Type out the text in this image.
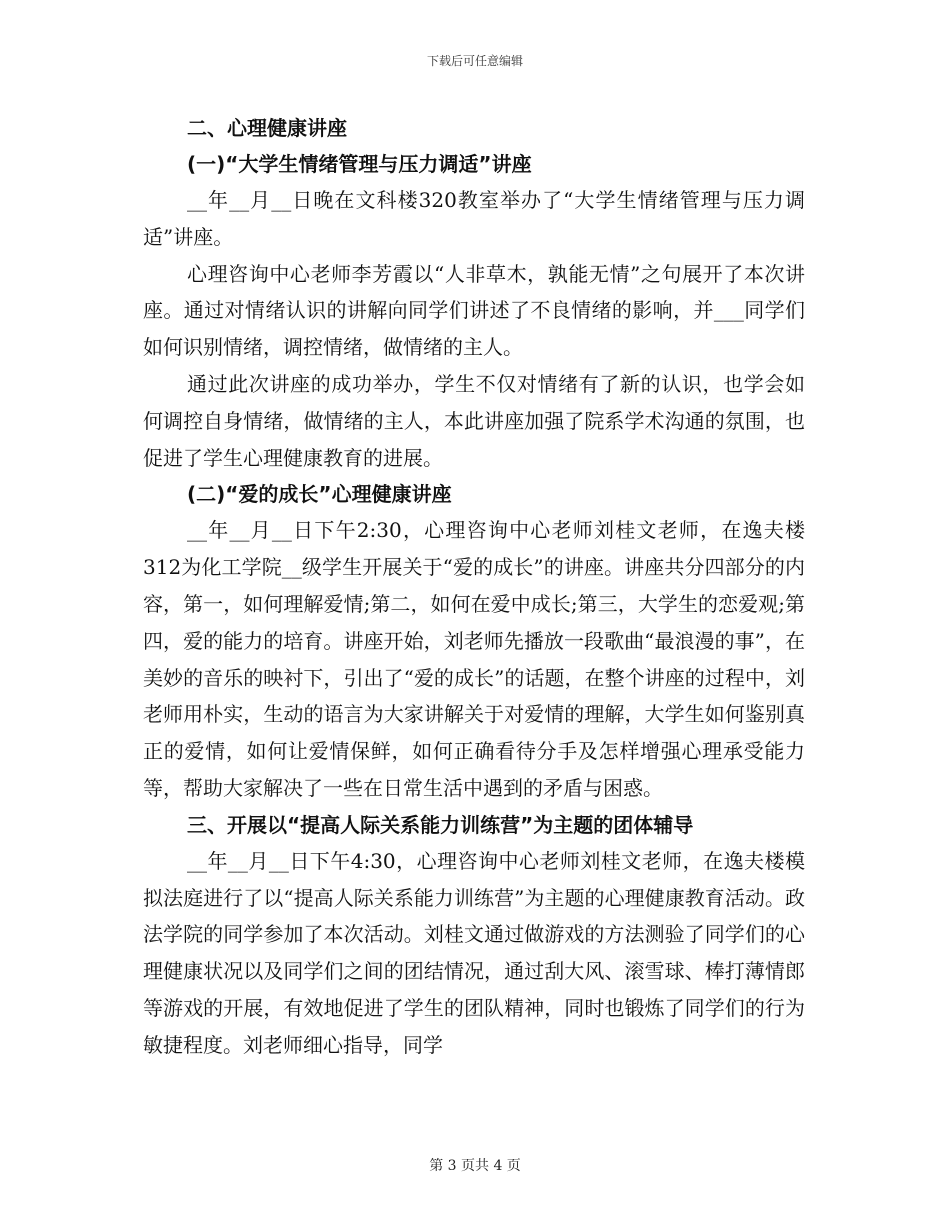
下载后可任意编辑
二、心理健康讲座
(一)“大学生情绪管理与压力调适”讲座

__年__月__日晚在文科楼320教室举办了“大学生情绪管理与压力调适”讲座。

心理咨询中心老师李芳霞以“人非草木，孰能无情”之句展开了本次讲座。通过对情绪认识的讲解向同学们讲述了不良情绪的影响，并___同学们如何识别情绪，调控情绪，做情绪的主人。

通过此次讲座的成功举办，学生不仅对情绪有了新的认识，也学会如何调控自身情绪，做情绪的主人，本此讲座加强了院系学术沟通的氛围，也促进了学生心理健康教育的进展。

(二)“爱的成长”心理健康讲座

__年__月__日下午2:30，心理咨询中心老师刘桂文老师，在逸夫楼312为化工学院__级学生开展关于“爱的成长”的讲座。讲座共分四部分的内容，第一，如何理解爱情;第二，如何在爱中成长;第三，大学生的恋爱观;第四，爱的能力的培育。讲座开始，刘老师先播放一段歌曲“最浪漫的事”，在美妙的音乐的映衬下，引出了“爱的成长”的话题，在整个讲座的过程中，刘老师用朴实，生动的语言为大家讲解关于对爱情的理解，大学生如何鉴别真正的爱情，如何让爱情保鲜，如何正确看待分手及怎样增强心理承受能力等，帮助大家解决了一些在日常生活中遇到的矛盾与困惑。

三、开展以“提高人际关系能力训练营”为主题的团体辅导

__年__月__日下午4:30，心理咨询中心老师刘桂文老师，在逸夫楼模拟法庭进行了以“提高人际关系能力训练营”为主题的心理健康教育活动。政法学院的同学参加了本次活动。刘桂文通过做游戏的方法测验了同学们的心理健康状况以及同学们之间的团结情况，通过刮大风、滚雪球、棒打薄情郎等游戏的开展，有效地促进了学生的团队精神，同时也锻炼了同学们的行为敏捷程度。刘老师细心指导，同学

第 3 页共 4 页
